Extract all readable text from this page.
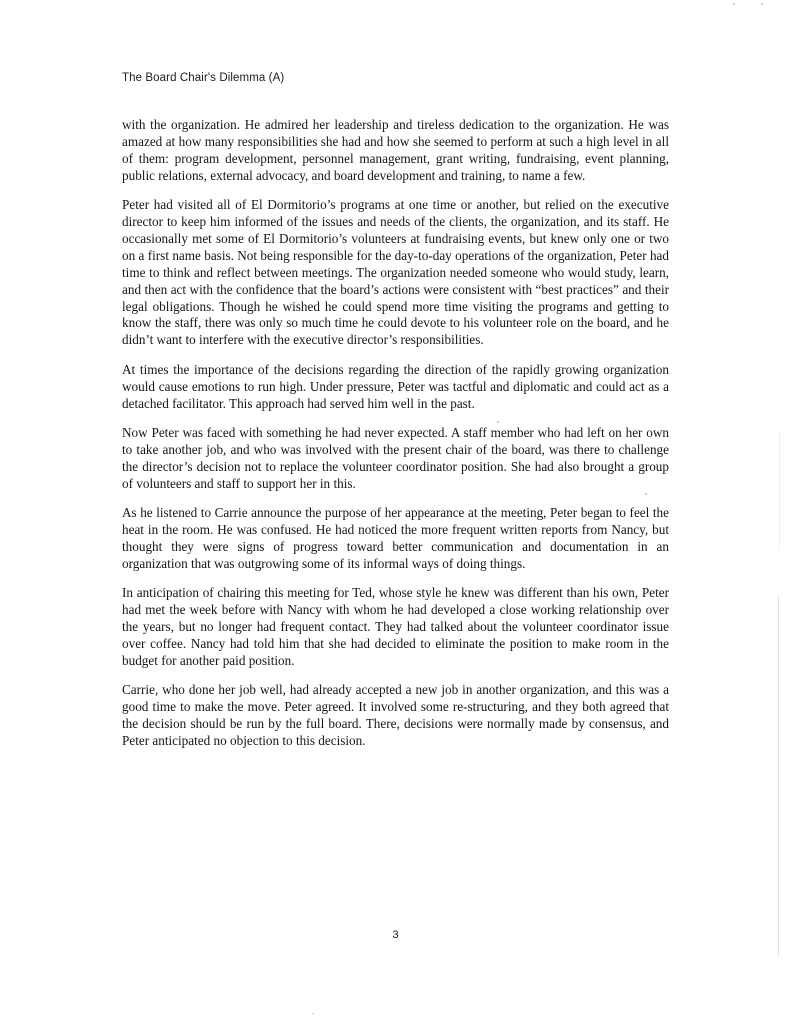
The Board Chair's Dilemma (A)

with the organization. He admired her leadership and tireless dedication to the organization. He was amazed at how many responsibilities she had and how she seemed to perform at such a high level in all of them: program development, personnel management, grant writing, fundraising, event planning, public relations, external advocacy, and board development and training, to name a few.

Peter had visited all of El Dormitorio’s programs at one time or another, but relied on the executive director to keep him informed of the issues and needs of the clients, the organization, and its staff. He occasionally met some of El Dormitorio’s volunteers at fundraising events, but knew only one or two on a first name basis. Not being responsible for the day-to-day operations of the organization, Peter had time to think and reflect between meetings. The organization needed someone who would study, learn, and then act with the confidence that the board’s actions were consistent with “best practices” and their legal obligations. Though he wished he could spend more time visiting the programs and getting to know the staff, there was only so much time he could devote to his volunteer role on the board, and he didn’t want to interfere with the executive director’s responsibilities.

At times the importance of the decisions regarding the direction of the rapidly growing organization would cause emotions to run high. Under pressure, Peter was tactful and diplomatic and could act as a detached facilitator. This approach had served him well in the past.

Now Peter was faced with something he had never expected. A staff member who had left on her own to take another job, and who was involved with the present chair of the board, was there to challenge the director’s decision not to replace the volunteer coordinator position. She had also brought a group of volunteers and staff to support her in this.

As he listened to Carrie announce the purpose of her appearance at the meeting, Peter began to feel the heat in the room. He was confused. He had noticed the more frequent written reports from Nancy, but thought they were signs of progress toward better communication and documentation in an organization that was outgrowing some of its informal ways of doing things.

In anticipation of chairing this meeting for Ted, whose style he knew was different than his own, Peter had met the week before with Nancy with whom he had developed a close working relationship over the years, but no longer had frequent contact. They had talked about the volunteer coordinator issue over coffee. Nancy had told him that she had decided to eliminate the position to make room in the budget for another paid position.

Carrie, who done her job well, had already accepted a new job in another organization, and this was a good time to make the move. Peter agreed. It involved some re-structuring, and they both agreed that the decision should be run by the full board. There, decisions were normally made by consensus, and Peter anticipated no objection to this decision.

3
